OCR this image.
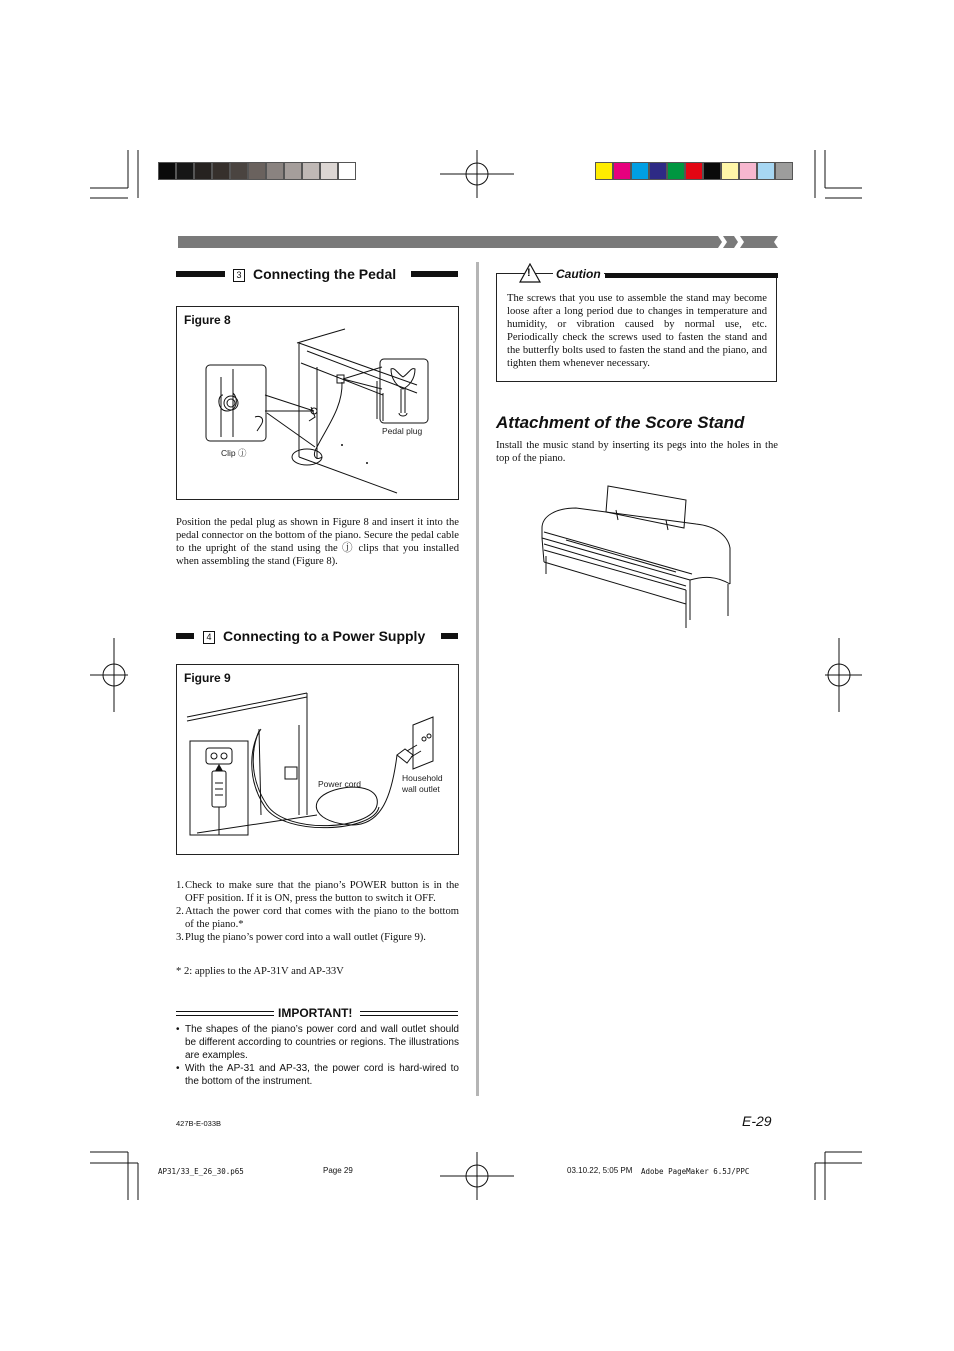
3 Connecting the Pedal
Figure 8
Pedal plug
Clip ⓙ

Position the pedal plug as shown in Figure 8 and insert it into the pedal connector on the bottom of the piano. Secure the pedal cable to the upright of the stand using the ⓙ clips that you installed when assembling the stand (Figure 8).

4 Connecting to a Power Supply
Figure 9
Power cord
Household
wall outlet
1. Check to make sure that the piano’s POWER button is in the OFF position. If it is ON, press the button to switch it OFF.
2. Attach the power cord that comes with the piano to the bottom of the piano.*
3. Plug the piano’s power cord into a wall outlet (Figure 9).
* 2: applies to the AP-31V and AP-33V
IMPORTANT!
• The shapes of the piano’s power cord and wall outlet should be different according to countries or regions. The illustrations are examples.
• With the AP-31 and AP-33, the power cord is hard-wired to the bottom of the instrument.
! Caution

The screws that you use to assemble the stand may become loose after a long period due to changes in temperature and humidity, or vibration caused by normal use, etc. Periodically check the screws used to fasten the stand and the butterfly bolts used to fasten the stand and the piano, and tighten them whenever necessary.

Attachment of the Score Stand

Install the music stand by inserting its pegs into the holes in the top of the piano.

427B-E-033B	E-29
AP31/33_E_26_30.p65	Page 29	03.10.22, 5:05 PM Adobe PageMaker 6.5J/PPC
